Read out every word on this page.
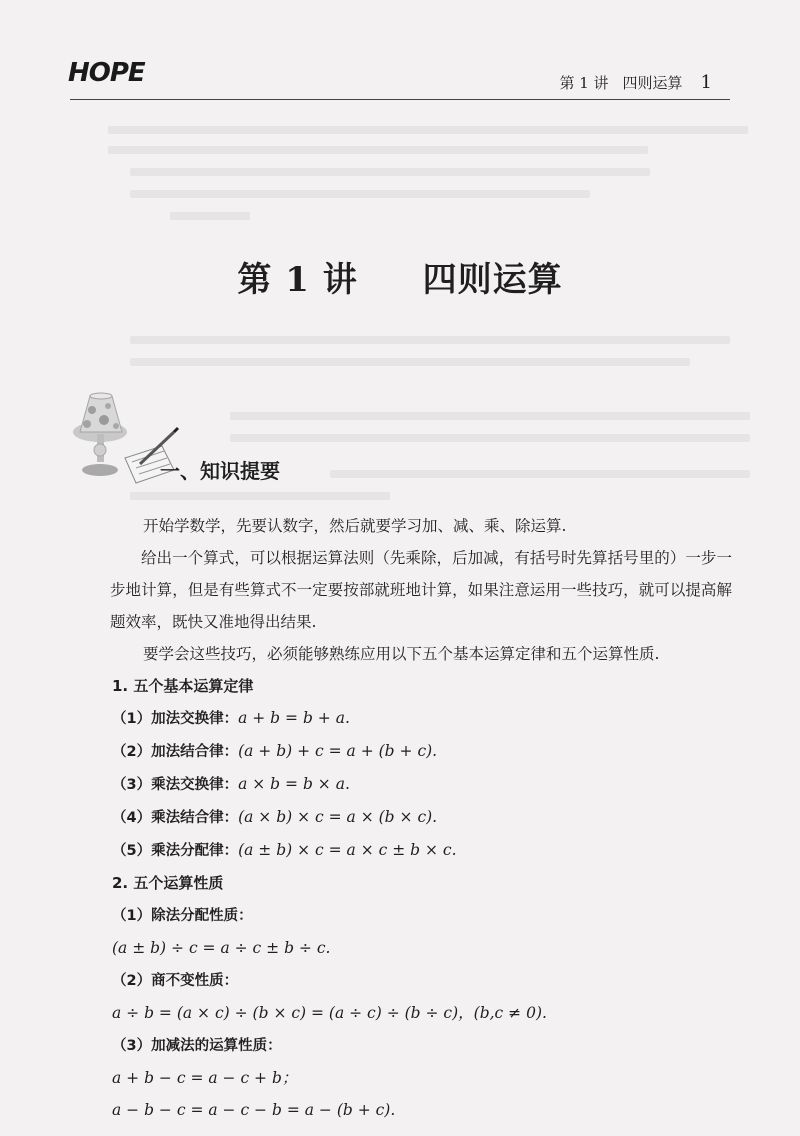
HOPE	第 1 讲 四则运算 1
第 1 讲 四则运算
一、知识提要

开始学数学，先要认数字，然后就要学习加、减、乘、除运算.

给出一个算式，可以根据运算法则（先乘除，后加减，有括号时先算括号里的）一步一步地计算，但是有些算式不一定要按部就班地计算，如果注意运用一些技巧，就可以提高解题效率，既快又准地得出结果.

要学会这些技巧，必须能够熟练应用以下五个基本运算定律和五个运算性质.

1. 五个基本运算定律

（1）加法交换律：a + b = b + a.

（2）加法结合律：(a + b) + c = a + (b + c).

（3）乘法交换律：a × b = b × a.

（4）乘法结合律：(a × b) × c = a × (b × c).

（5）乘法分配律：(a ± b) × c = a × c ± b × c.

2. 五个运算性质

（1）除法分配性质：

(a ± b) ÷ c = a ÷ c ± b ÷ c.

（2）商不变性质：

a ÷ b = (a × c) ÷ (b × c) = (a ÷ c) ÷ (b ÷ c)，(b,c ≠ 0).

（3）加减法的运算性质：

a + b − c = a − c + b；

a − b − c = a − c − b = a − (b + c).
